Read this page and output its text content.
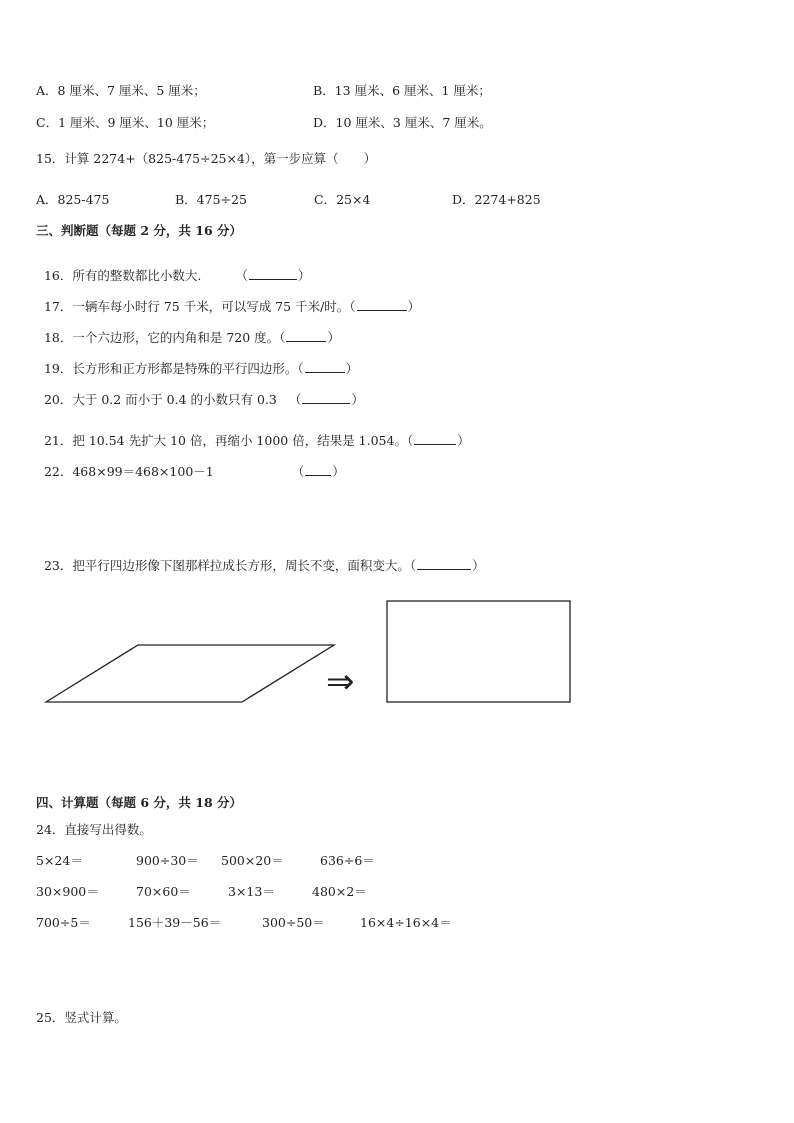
A．8 厘米、7 厘米、5 厘米；	B．13 厘米、6 厘米、1 厘米；
C．1 厘米、9 厘米、10 厘米；	D．10 厘米、3 厘米、7 厘米。
15．计算 2274+（825-475÷25×4），第一步应算（　　）
A．825-475	B．475÷25	C．25×4	D．2274+825
三、判断题（每题 2 分，共 16 分）

16．所有的整数都比小数大.	（	）

17．一辆车每小时行 75 千米，可以写成 75 千米/时。（	）

18．一个六边形，它的内角和是 720 度。（	）

19．长方形和正方形都是特殊的平行四边形。（	）

20．大于 0.2 而小于 0.4 的小数只有 0.3 （	）

21．把 10.54 先扩大 10 倍，再缩小 1000 倍，结果是 1.054。（	）

22．468×99＝468×100－1	（ ）

23．把平行四边形像下图那样拉成长方形，周长不变，面积变大。（	）

⇒
四、计算题（每题 6 分，共 18 分）
24．直接写出得数。
5×24＝	900÷30＝ 500×20＝	636÷6＝
30×900＝	70×60＝	3×13＝	480×2＝
700÷5＝	156＋39－56＝	300÷50＝	16×4÷16×4＝
25．竖式计算。
